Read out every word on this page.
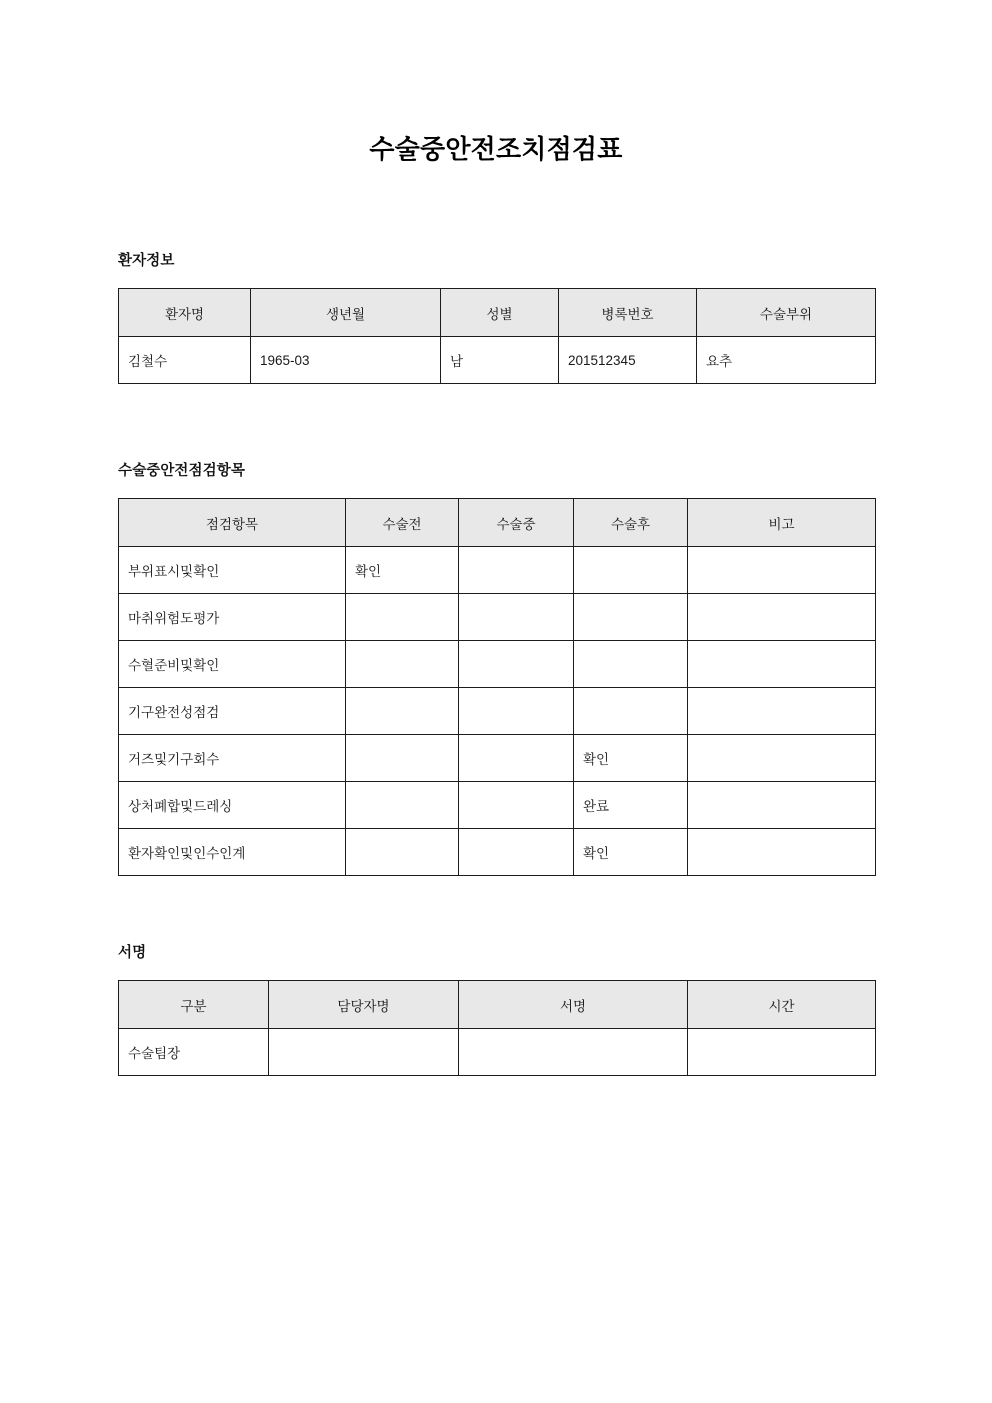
수술중안전조치점검표
환자정보
환자명	생년월	성별	병록번호	수술부위
김철수	1965-03	남	201512345	요추
수술중안전점검항목
점검항목	수술전	수술중	수술후	비고
부위표시및확인	확인			
마취위험도평가				
수혈준비및확인				
기구완전성점검				
거즈및기구회수			확인	
상처폐합및드레싱			완료	
환자확인및인수인계			확인	
서명
구분	담당자명	서명	시간
수술팀장			
